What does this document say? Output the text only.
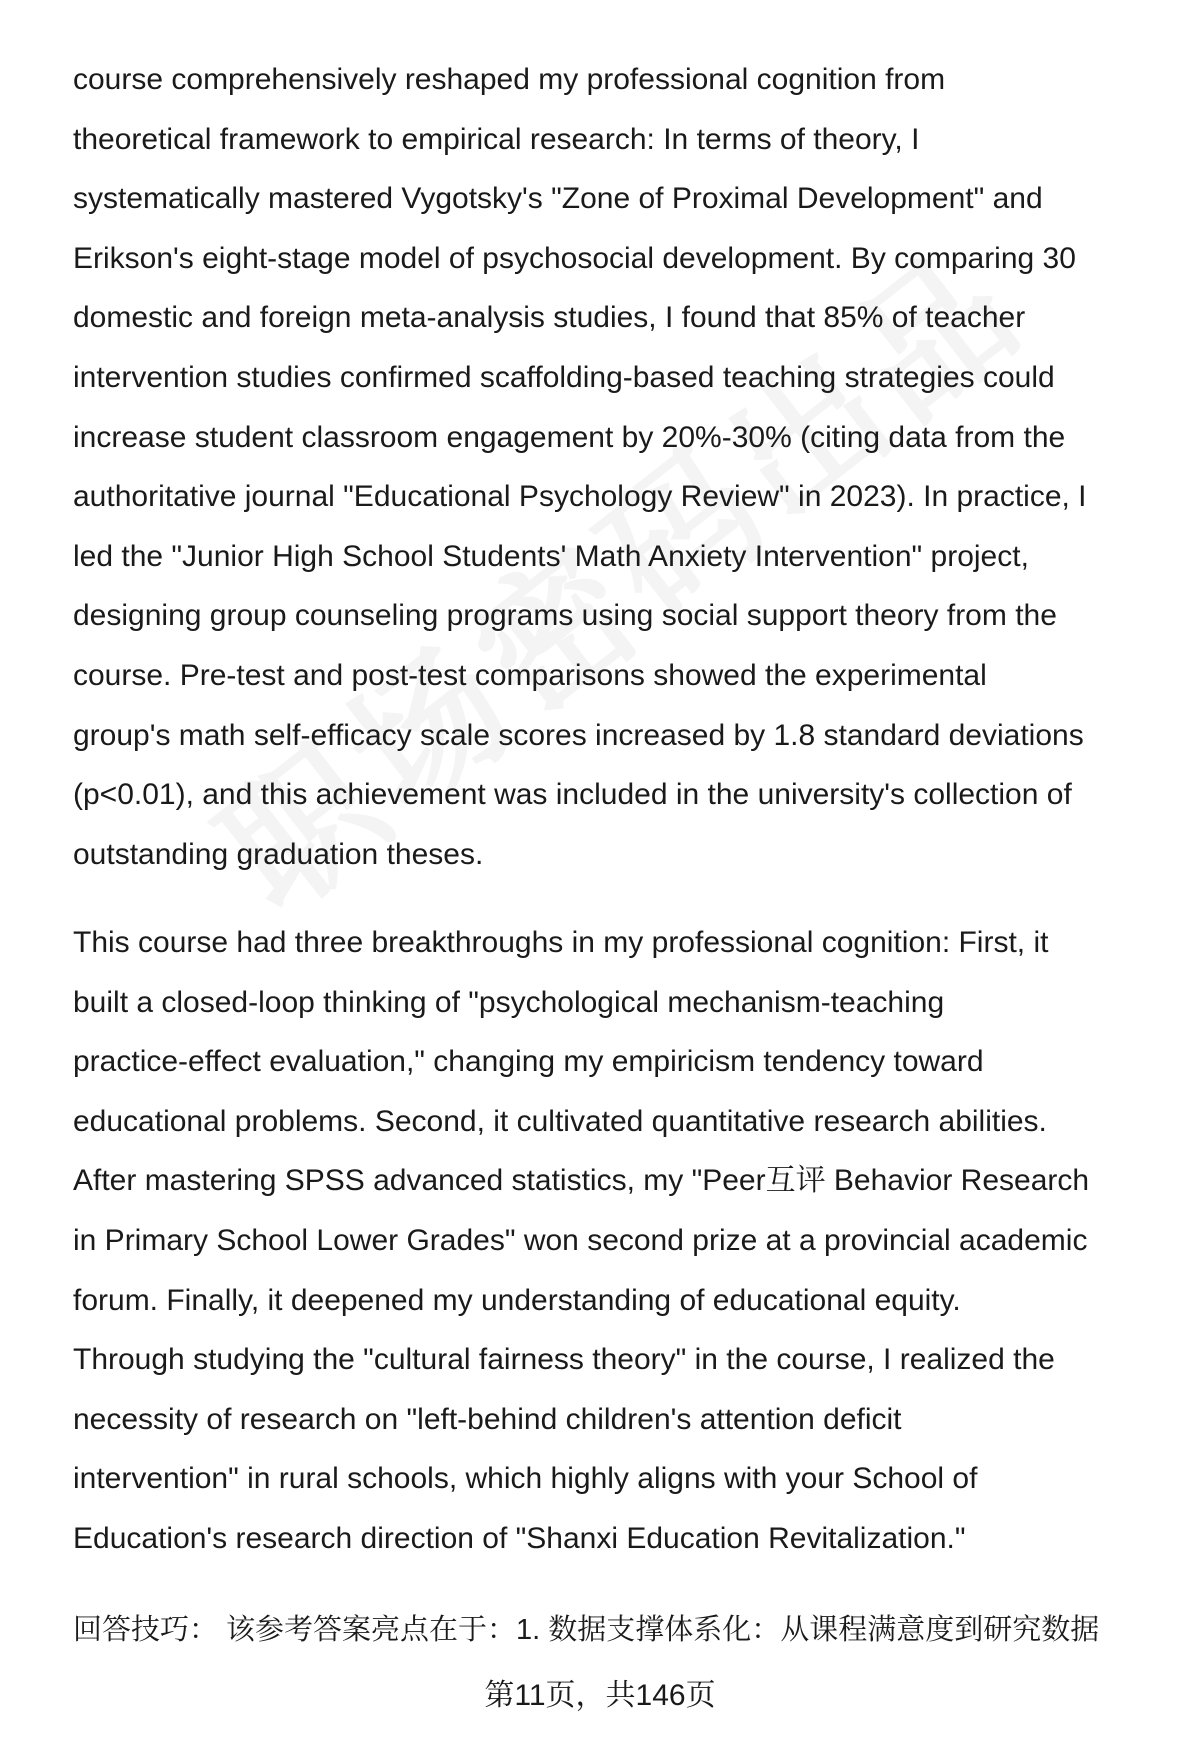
course comprehensively reshaped my professional cognition from
theoretical framework to empirical research: In terms of theory, I
systematically mastered Vygotsky's "Zone of Proximal Development" and
Erikson's eight-stage model of psychosocial development. By comparing 30
domestic and foreign meta-analysis studies, I found that 85% of teacher
intervention studies confirmed scaffolding-based teaching strategies could
increase student classroom engagement by 20%-30% (citing data from the
authoritative journal "Educational Psychology Review" in 2023). In practice, I
led the "Junior High School Students' Math Anxiety Intervention" project,
designing group counseling programs using social support theory from the
course. Pre-test and post-test comparisons showed the experimental
group's math self-efficacy scale scores increased by 1.8 standard deviations
(p<0.01), and this achievement was included in the university's collection of
outstanding graduation theses.
This course had three breakthroughs in my professional cognition: First, it
built a closed-loop thinking of "psychological mechanism-teaching
practice-effect evaluation," changing my empiricism tendency toward
educational problems. Second, it cultivated quantitative research abilities.
After mastering SPSS advanced statistics, my "Peer互评 Behavior Research
in Primary School Lower Grades" won second prize at a provincial academic
forum. Finally, it deepened my understanding of educational equity.
Through studying the "cultural fairness theory" in the course, I realized the
necessity of research on "left-behind children's attention deficit
intervention" in rural schools, which highly aligns with your School of
Education's research direction of "Shanxi Education Revitalization."
回答技巧： 该参考答案亮点在于：1. 数据支撑体系化：从课程满意度到研究数据
第11页，共146页
